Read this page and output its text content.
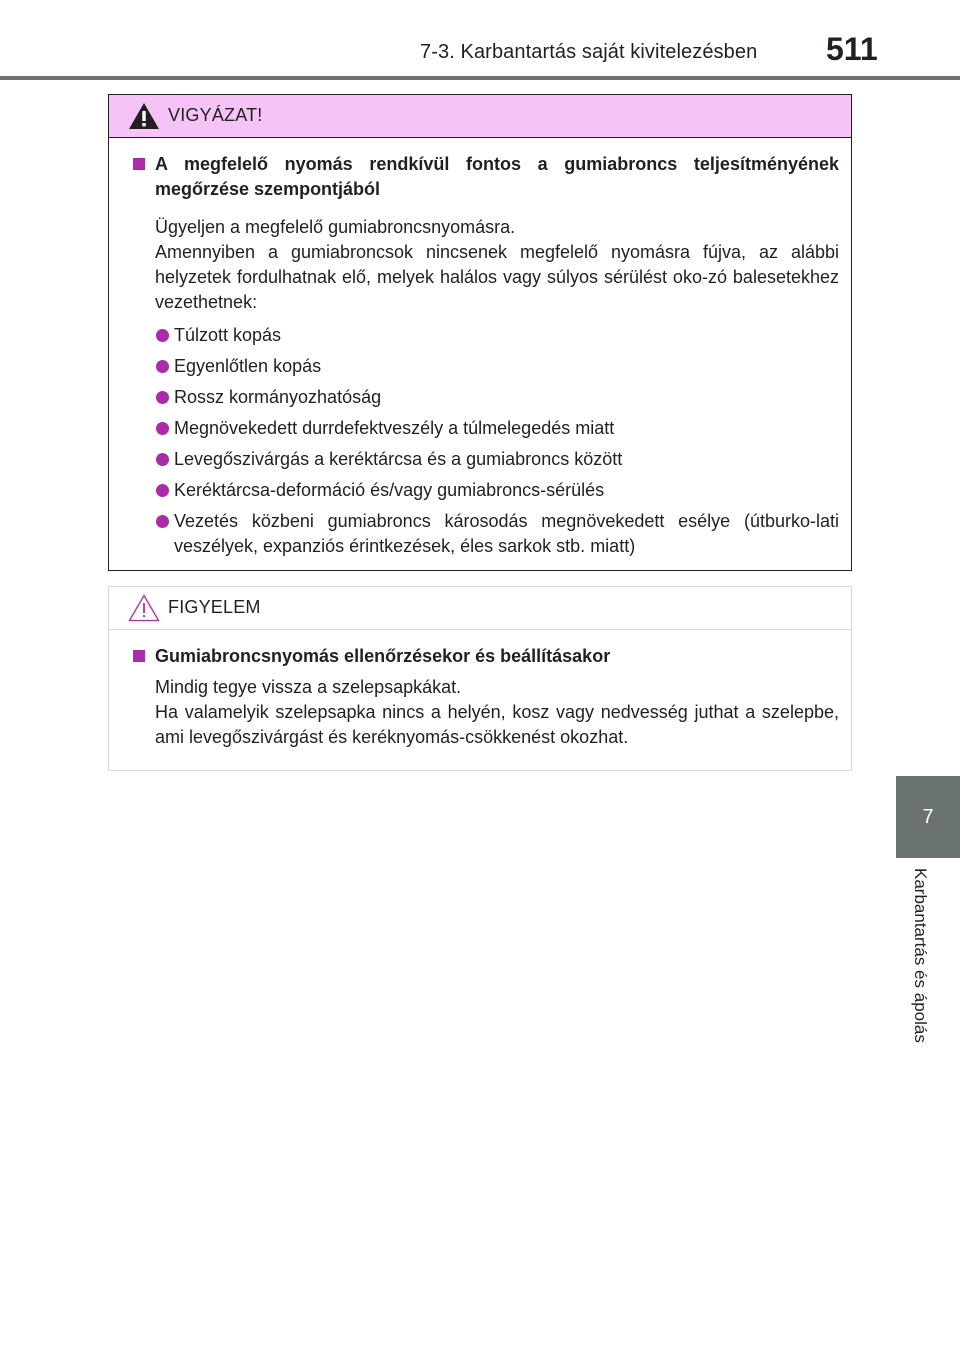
7-3. Karbantartás saját kivitelezésben 511
7
Karbantartás és ápolás
VIGYÁZAT!
A megfelelő nyomás rendkívül fontos a gumiabroncs teljesítményének megőrzése szempontjából
Ügyeljen a megfelelő gumiabroncsnyomásra.
Amennyiben a gumiabroncsok nincsenek megfelelő nyomásra fújva, az alábbi helyzetek fordulhatnak elő, melyek halálos vagy súlyos sérülést oko-zó balesetekhez vezethetnek:
Túlzott kopás
Egyenlőtlen kopás
Rossz kormányozhatóság
Megnövekedett durrdefektveszély a túlmelegedés miatt
Levegőszivárgás a keréktárcsa és a gumiabroncs között
Keréktárcsa-deformáció és/vagy gumiabroncs-sérülés
Vezetés közbeni gumiabroncs károsodás megnövekedett esélye (útburko-lati veszélyek, expanziós érintkezések, éles sarkok stb. miatt)
FIGYELEM
Gumiabroncsnyomás ellenőrzésekor és beállításakor
Mindig tegye vissza a szelepsapkákat.
Ha valamelyik szelepsapka nincs a helyén, kosz vagy nedvesség juthat a szelepbe, ami levegőszivárgást és keréknyomás-csökkenést okozhat.
